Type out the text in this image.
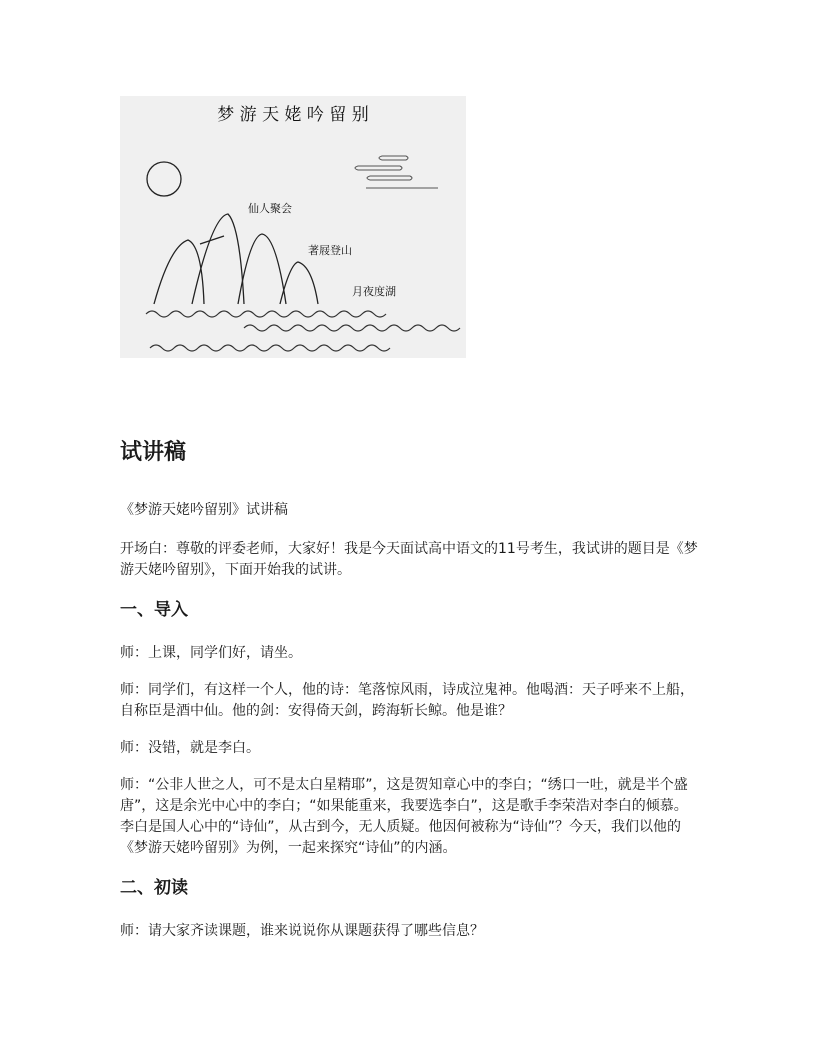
梦 游 天 姥 吟 留 别
仙人聚会
著屐登山
月夜度湖
试讲稿

《梦游天姥吟留别》试讲稿

开场白：尊敬的评委老师，大家好！我是今天面试高中语文的11号考生，我试讲的题目是《梦游天姥吟留别》，下面开始我的试讲。

一、导入

师：上课，同学们好，请坐。

师：同学们，有这样一个人，他的诗：笔落惊风雨，诗成泣鬼神。他喝酒：天子呼来不上船，自称臣是酒中仙。他的剑：安得倚天剑，跨海斩长鲸。他是谁？

师：没错，就是李白。

师：“公非人世之人，可不是太白星精耶”，这是贺知章心中的李白；“绣口一吐，就是半个盛唐”，这是余光中心中的李白；“如果能重来，我要选李白”，这是歌手李荣浩对李白的倾慕。李白是国人心中的“诗仙”，从古到今，无人质疑。他因何被称为“诗仙”？今天，我们以他的《梦游天姥吟留别》为例，一起来探究“诗仙”的内涵。

二、初读

师：请大家齐读课题，谁来说说你从课题获得了哪些信息？
